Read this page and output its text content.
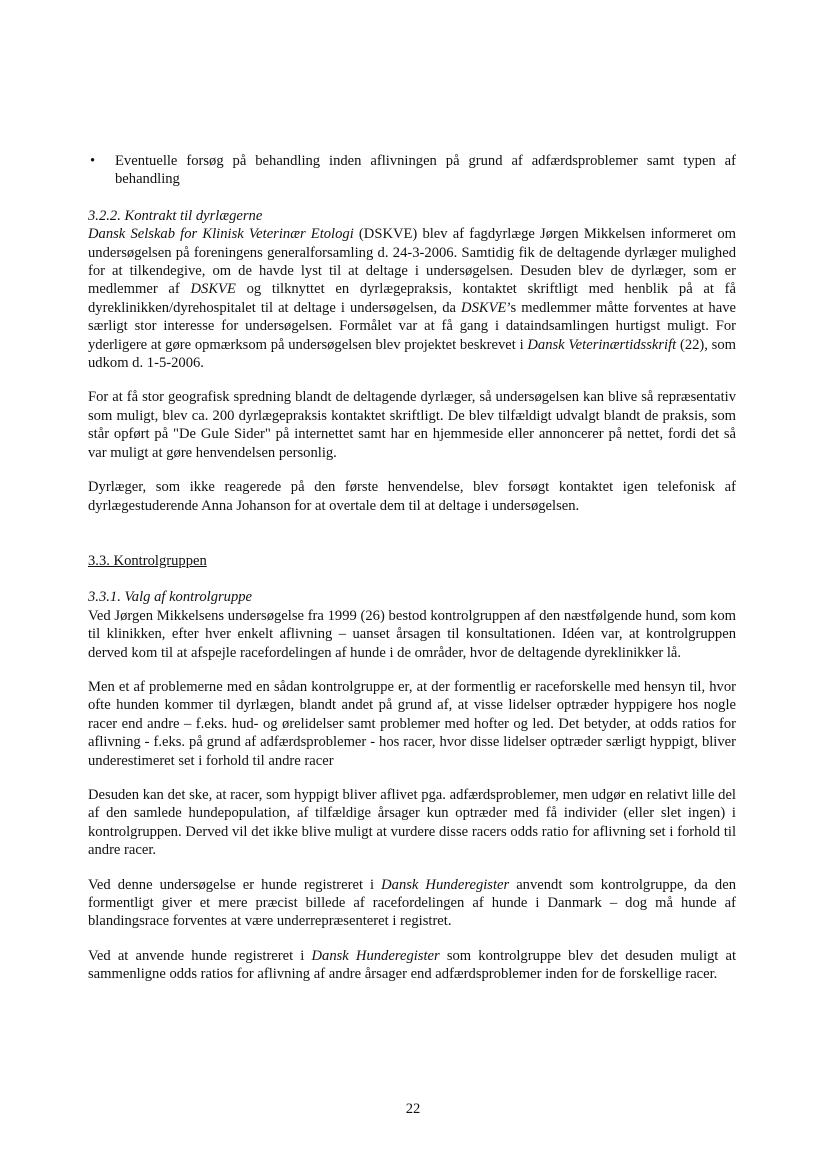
•	Eventuelle forsøg på behandling inden aflivningen på grund af adfærdsproblemer samt typen af behandling

3.2.2. Kontrakt til dyrlægerne

Dansk Selskab for Klinisk Veterinær Etologi (DSKVE) blev af fagdyrlæge Jørgen Mikkelsen informeret om undersøgelsen på foreningens generalforsamling d. 24-3-2006. Samtidig fik de deltagende dyrlæger mulighed for at tilkendegive, om de havde lyst til at deltage i undersøgelsen. Desuden blev de dyrlæger, som er medlemmer af DSKVE og tilknyttet en dyrlægepraksis, kontaktet skriftligt med henblik på at få dyreklinikken/dyrehospitalet til at deltage i undersøgelsen, da DSKVE’s medlemmer måtte forventes at have særligt stor interesse for undersøgelsen. Formålet var at få gang i dataindsamlingen hurtigst muligt. For yderligere at gøre opmærksom på undersøgelsen blev projektet beskrevet i Dansk Veterinærtidsskrift (22), som udkom d. 1-5-2006.

For at få stor geografisk spredning blandt de deltagende dyrlæger, så undersøgelsen kan blive så repræsentativ som muligt, blev ca. 200 dyrlægepraksis kontaktet skriftligt. De blev tilfældigt udvalgt blandt de praksis, som står opført på "De Gule Sider" på internettet samt har en hjemmeside eller annoncerer på nettet, fordi det så var muligt at gøre henvendelsen personlig.

Dyrlæger, som ikke reagerede på den første henvendelse, blev forsøgt kontaktet igen telefonisk af dyrlægestuderende Anna Johanson for at overtale dem til at deltage i undersøgelsen.

3.3. Kontrolgruppen

3.3.1. Valg af kontrolgruppe

Ved Jørgen Mikkelsens undersøgelse fra 1999 (26) bestod kontrolgruppen af den næstfølgende hund, som kom til klinikken, efter hver enkelt aflivning – uanset årsagen til konsultationen. Idéen var, at kontrolgruppen derved kom til at afspejle racefordelingen af hunde i de områder, hvor de deltagende dyreklinikker lå.

Men et af problemerne med en sådan kontrolgruppe er, at der formentlig er raceforskelle med hensyn til, hvor ofte hunden kommer til dyrlægen, blandt andet på grund af, at visse lidelser optræder hyppigere hos nogle racer end andre – f.eks. hud- og ørelidelser samt problemer med hofter og led. Det betyder, at odds ratios for aflivning - f.eks. på grund af adfærdsproblemer - hos racer, hvor disse lidelser optræder særligt hyppigt, bliver underestimeret set i forhold til andre racer

Desuden kan det ske, at racer, som hyppigt bliver aflivet pga. adfærdsproblemer, men udgør en relativt lille del af den samlede hundepopulation, af tilfældige årsager kun optræder med få individer (eller slet ingen) i kontrolgruppen. Derved vil det ikke blive muligt at vurdere disse racers odds ratio for aflivning set i forhold til andre racer.

Ved denne undersøgelse er hunde registreret i Dansk Hunderegister anvendt som kontrolgruppe, da den formentligt giver et mere præcist billede af racefordelingen af hunde i Danmark – dog må hunde af blandingsrace forventes at være underrepræsenteret i registret.

Ved at anvende hunde registreret i Dansk Hunderegister som kontrolgruppe blev det desuden muligt at sammenligne odds ratios for aflivning af andre årsager end adfærdsproblemer inden for de forskellige racer.

22
